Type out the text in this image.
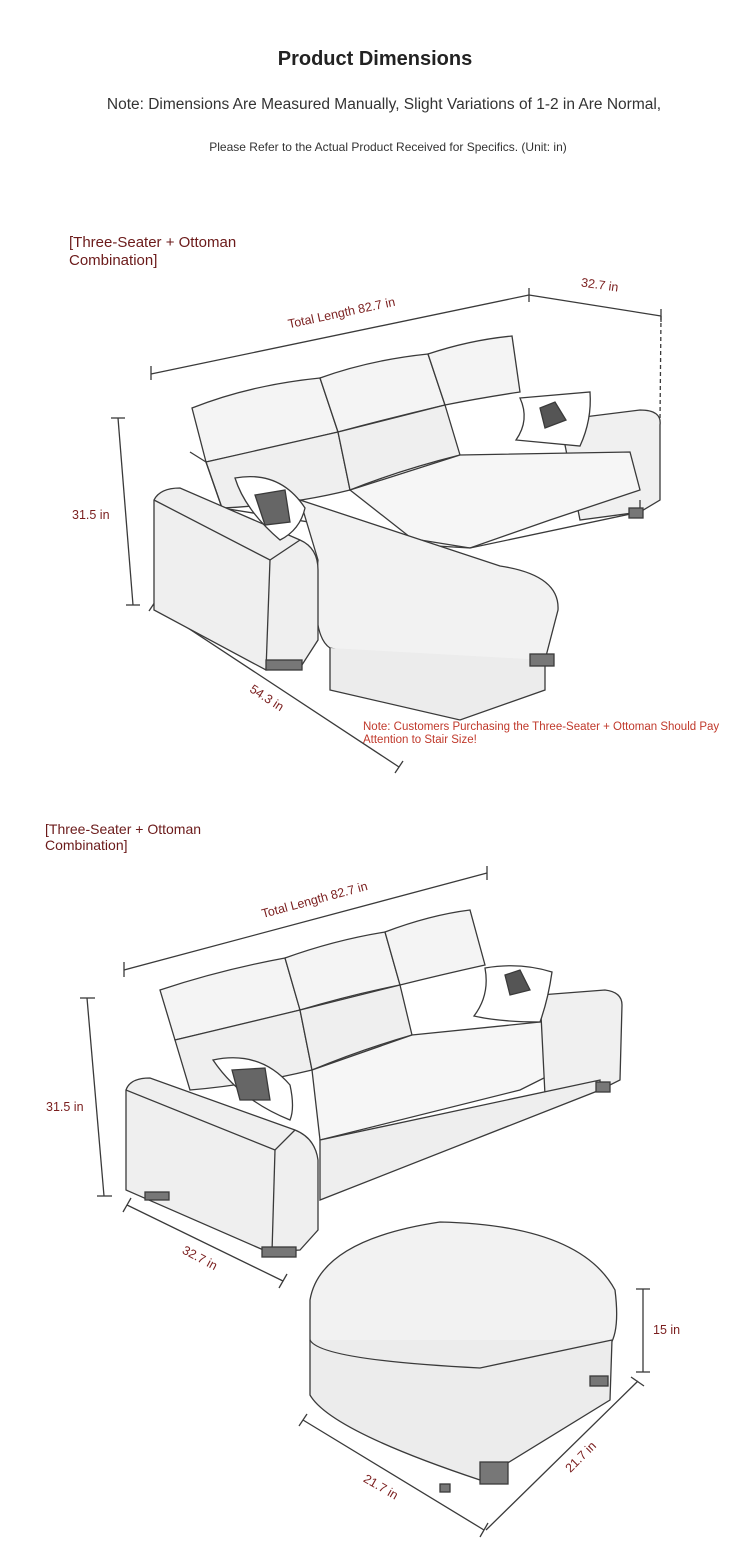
Product Dimensions
Note: Dimensions Are Measured Manually, Slight Variations of 1-2 in Are Normal,
Please Refer to the Actual Product Received for Specifics. (Unit: in)
[Three-Seater + Ottoman
Combination]
Total Length 82.7 in
32.7 in
31.5 in
54.3 in
Note: Customers Purchasing the Three-Seater + Ottoman Should Pay Attention to Stair Size!
[Three-Seater + Ottoman
Combination]
Total Length 82.7 in
31.5 in
32.7 in
15 in
21.7 in
21.7 in
